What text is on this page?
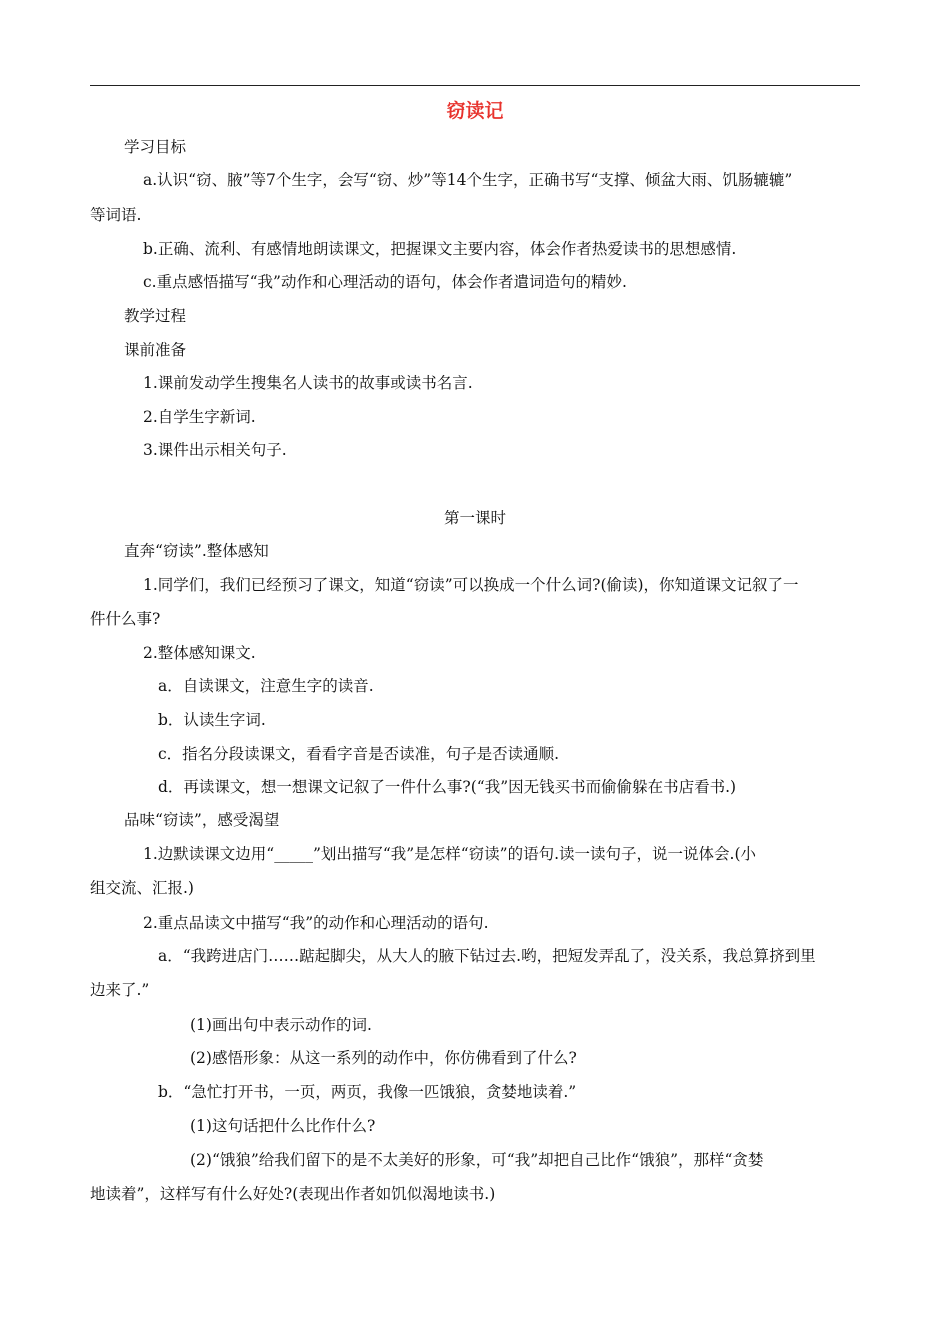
窃读记
学习目标
a.认识“窃、腋”等7个生字，会写“窃、炒”等14个生字，正确书写“支撑、倾盆大雨、饥肠辘辘”
等词语.
b.正确、流利、有感情地朗读课文，把握课文主要内容，体会作者热爱读书的思想感情.
c.重点感悟描写“我”动作和心理活动的语句，体会作者遣词造句的精妙.
教学过程
课前准备
1.课前发动学生搜集名人读书的故事或读书名言.
2.自学生字新词.
3.课件出示相关句子.
第一课时
直奔“窃读”.整体感知
1.同学们，我们已经预习了课文，知道“窃读”可以换成一个什么词?(偷读)，你知道课文记叙了一
件什么事?
2.整体感知课文.
a．自读课文，注意生字的读音.
b．认读生字词.
c．指名分段读课文，看看字音是否读准，句子是否读通顺.
d．再读课文，想一想课文记叙了一件什么事?(“我”因无钱买书而偷偷躲在书店看书.)
品味“窃读”，感受渴望
1.边默读课文边用“_____”划出描写“我”是怎样“窃读”的语句.读一读句子，说一说体会.(小
组交流、汇报.)
2.重点品读文中描写“我”的动作和心理活动的语句.
a．“我跨进店门……踮起脚尖，从大人的腋下钻过去.哟，把短发弄乱了，没关系，我总算挤到里
边来了.”
(1)画出句中表示动作的词.
(2)感悟形象：从这一系列的动作中，你仿佛看到了什么?
b．“急忙打开书，一页，两页，我像一匹饿狼，贪婪地读着.”
(1)这句话把什么比作什么?
(2)“饿狼”给我们留下的是不太美好的形象，可“我”却把自己比作“饿狼”，那样“贪婪
地读着”，这样写有什么好处?(表现出作者如饥似渴地读书.)
